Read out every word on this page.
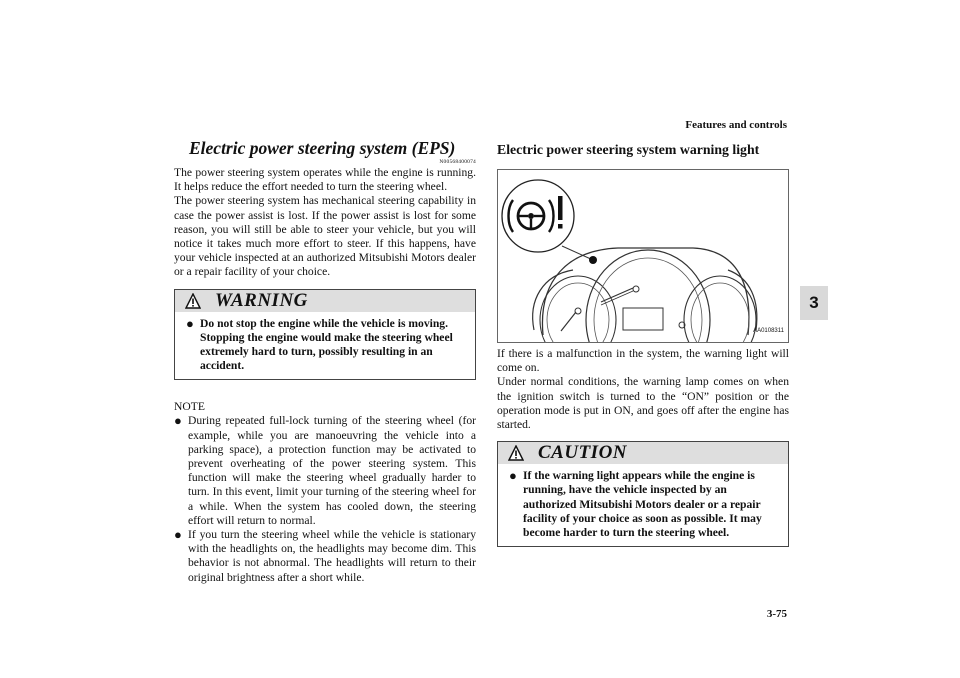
Features and controls
3
3-75
Electric power steering system (EPS)
N00568400074

The power steering system operates while the engine is running. It helps reduce the effort needed to turn the steering wheel.

The power steering system has mechanical steering capability in case the power assist is lost. If the power assist is lost for some reason, you will still be able to steer your vehicle, but you will notice it takes much more effort to steer. If this happens, have your vehicle inspected at an authorized Mitsubishi Motors dealer or a repair facility of your choice.

WARNING
● Do not stop the engine while the vehicle is moving. Stopping the engine would make the steering wheel extremely hard to turn, possibly resulting in an accident.
NOTE
● During repeated full-lock turning of the steering wheel (for example, while you are manoeuvring the vehicle into a parking space), a protection function may be activated to prevent overheating of the power steering system. This function will make the steering wheel gradually harder to turn. In this event, limit your turning of the steering wheel for a while. When the system has cooled down, the steering effort will return to normal.
● If you turn the steering wheel while the vehicle is stationary with the headlights on, the headlights may become dim. This behavior is not abnormal. The headlights will return to their original brightness after a short while.
Electric power steering system warning light
AA0108311

If there is a malfunction in the system, the warning light will come on.

Under normal conditions, the warning lamp comes on when the ignition switch is turned to the “ON” position or the operation mode is put in ON, and goes off after the engine has started.

CAUTION
● If the warning light appears while the engine is running, have the vehicle inspected by an authorized Mitsubishi Motors dealer or a repair facility of your choice as soon as possible. It may become harder to turn the steering wheel.
